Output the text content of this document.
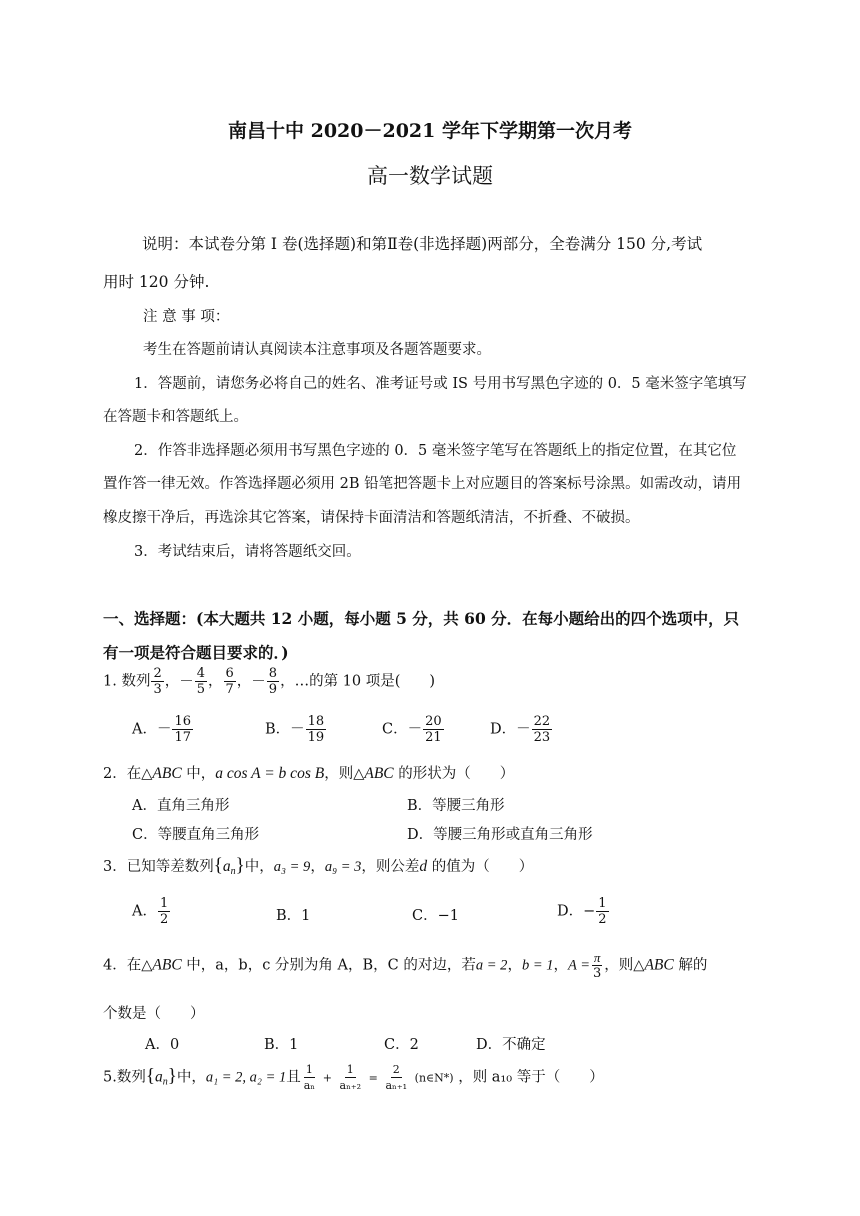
南昌十中 2020－2021 学年下学期第一次月考
高一数学试题
说明：本试卷分第 I 卷(选择题)和第Ⅱ卷(非选择题)两部分，全卷满分 150 分,考试
用时 120 分钟.
注 意 事 项：
考生在答题前请认真阅读本注意事项及各题答题要求。
1．答题前，请您务必将自己的姓名、准考证号或 IS 号用书写黑色字迹的 0．5 毫米签字笔填写
在答题卡和答题纸上。
2．作答非选择题必须用书写黑色字迹的 0．5 毫米签字笔写在答题纸上的指定位置，在其它位
置作答一律无效。作答选择题必须用 2B 铅笔把答题卡上对应题目的答案标号涂黑。如需改动，请用
橡皮擦干净后，再选涂其它答案，请保持卡面清洁和答题纸清洁，不折叠、不破损。
3．考试结束后，请将答题纸交回。
一、选择题：(本大题共 12 小题，每小题 5 分，共 60 分．在每小题给出的四个选项中，只
有一项是符合题目要求的．)
1. 数列 $\frac{2}{3}$ ，－ $\frac{4}{5}$ ， $\frac{6}{7}$ ，－ $\frac{8}{9}$ ，…的第 10 项是(　　)
A．－ $\frac{16}{17}$	B．－ $\frac{18}{19}$	C．－ $\frac{20}{21}$	D．－ $\frac{22}{23}$
2．在△ABC 中，a cos A = b cos B，则△ABC 的形状为（　　）
A．直角三角形	B．等腰三角形
C．等腰直角三角形	D．等腰三角形或直角三角形
3．已知等差数列$\{a_n\}$中，a₃ = 9，a₉ = 3，则公差d 的值为（　　）
A． $\frac{1}{2}$	B．1	C．−1	D．− $\frac{1}{2}$
4．在△ABC 中，a，b，c 分别为角 A，B，C 的对边，若a = 2，b = 1，$A = \frac{\pi}{3}$ ，则△ABC 解的
个数是（　　）
A．0	B．1	C．2	D．不确定
5.数列$\{a_n\}$中，a₁ = 2, a₂ = 1且 $\frac{1}{\text{aₙ}} + \frac{1}{\text{aₙ₊₂}} = \frac{2}{\text{aₙ₊₁}}$ (n∈N*) ，则 a₁₀ 等于（　　）
